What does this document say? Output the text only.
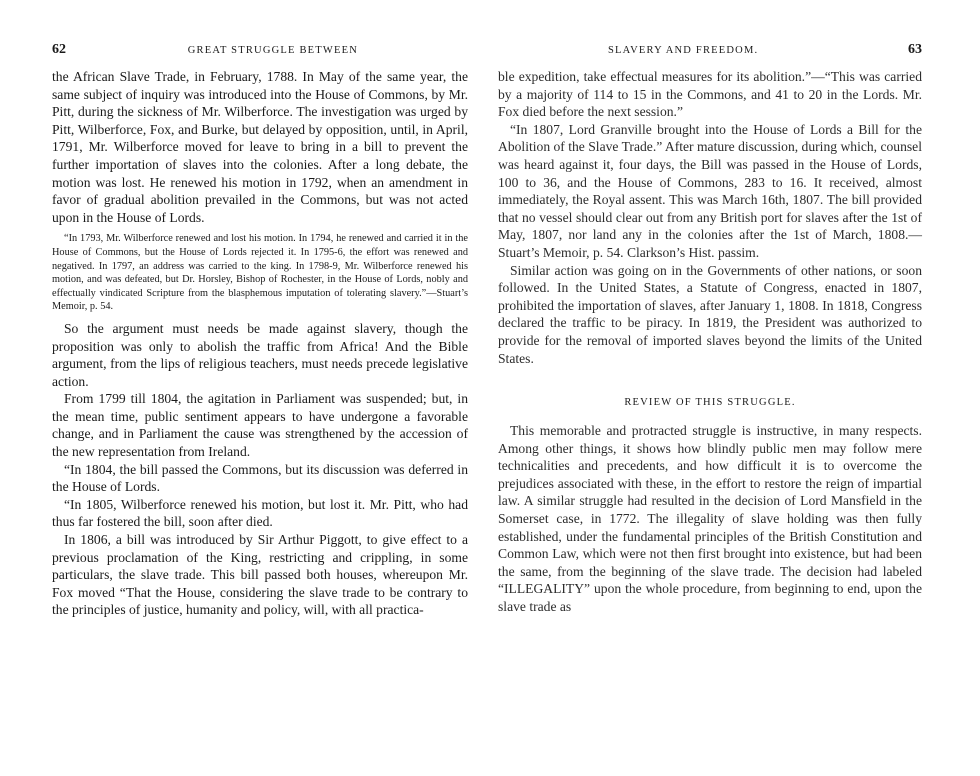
62	GREAT STRUGGLE BETWEEN

the African Slave Trade, in February, 1788. In May of the same year, the same subject of inquiry was introduced into the House of Commons, by Mr. Pitt, during the sickness of Mr. Wilberforce. The investigation was urged by Pitt, Wilberforce, Fox, and Burke, but delayed by opposition, until, in April, 1791, Mr. Wilberforce moved for leave to bring in a bill to prevent the further importation of slaves into the colonies. After a long debate, the motion was lost. He renewed his motion in 1792, when an amendment in favor of gradual abolition prevailed in the Commons, but was not acted upon in the House of Lords.

“In 1793, Mr. Wilberforce renewed and lost his motion. In 1794, he renewed and carried it in the House of Commons, but the House of Lords rejected it. In 1795-6, the effort was renewed and negatived. In 1797, an address was carried to the king. In 1798-9, Mr. Wilberforce renewed his motion, and was defeated, but Dr. Horsley, Bishop of Rochester, in the House of Lords, nobly and effectually vindicated Scripture from the blasphemous imputation of tolerating slavery.”—Stuart’s Memoir, p. 54.

So the argument must needs be made against slavery, though the proposition was only to abolish the traffic from Africa! And the Bible argument, from the lips of religious teachers, must needs precede legislative action.

From 1799 till 1804, the agitation in Parliament was suspended; but, in the mean time, public sentiment appears to have undergone a favorable change, and in Parliament the cause was strengthened by the accession of the new representation from Ireland.

“In 1804, the bill passed the Commons, but its discussion was deferred in the House of Lords.

“In 1805, Wilberforce renewed his motion, but lost it. Mr. Pitt, who had thus far fostered the bill, soon after died.

In 1806, a bill was introduced by Sir Arthur Piggott, to give effect to a previous proclamation of the King, restricting and crippling, in some particulars, the slave trade. This bill passed both houses, whereupon Mr. Fox moved “That the House, considering the slave trade to be contrary to the principles of justice, humanity and policy, will, with all practica-

SLAVERY AND FREEDOM.	63

ble expedition, take effectual measures for its abolition.”—“This was carried by a majority of 114 to 15 in the Commons, and 41 to 20 in the Lords. Mr. Fox died before the next session.”

“In 1807, Lord Granville brought into the House of Lords a Bill for the Abolition of the Slave Trade.” After mature discussion, during which, counsel was heard against it, four days, the Bill was passed in the House of Lords, 100 to 36, and the House of Commons, 283 to 16. It received, almost immediately, the Royal assent. This was March 16th, 1807. The bill provided that no vessel should clear out from any British port for slaves after the 1st of May, 1807, nor land any in the colonies after the 1st of March, 1808.—Stuart’s Memoir, p. 54. Clarkson’s Hist. passim.

Similar action was going on in the Governments of other nations, or soon followed. In the United States, a Statute of Congress, enacted in 1807, prohibited the importation of slaves, after January 1, 1808. In 1818, Congress declared the traffic to be piracy. In 1819, the President was authorized to provide for the removal of imported slaves beyond the limits of the United States.

REVIEW OF THIS STRUGGLE.

This memorable and protracted struggle is instructive, in many respects. Among other things, it shows how blindly public men may follow mere technicalities and precedents, and how difficult it is to overcome the prejudices associated with these, in the effort to restore the reign of impartial law. A similar struggle had resulted in the decision of Lord Mansfield in the Somerset case, in 1772. The illegality of slave holding was then fully established, under the fundamental principles of the British Constitution and Common Law, which were not then first brought into existence, but had been the same, from the beginning of the slave trade. The decision had labeled “ILLEGALITY” upon the whole procedure, from beginning to end, upon the slave trade as
